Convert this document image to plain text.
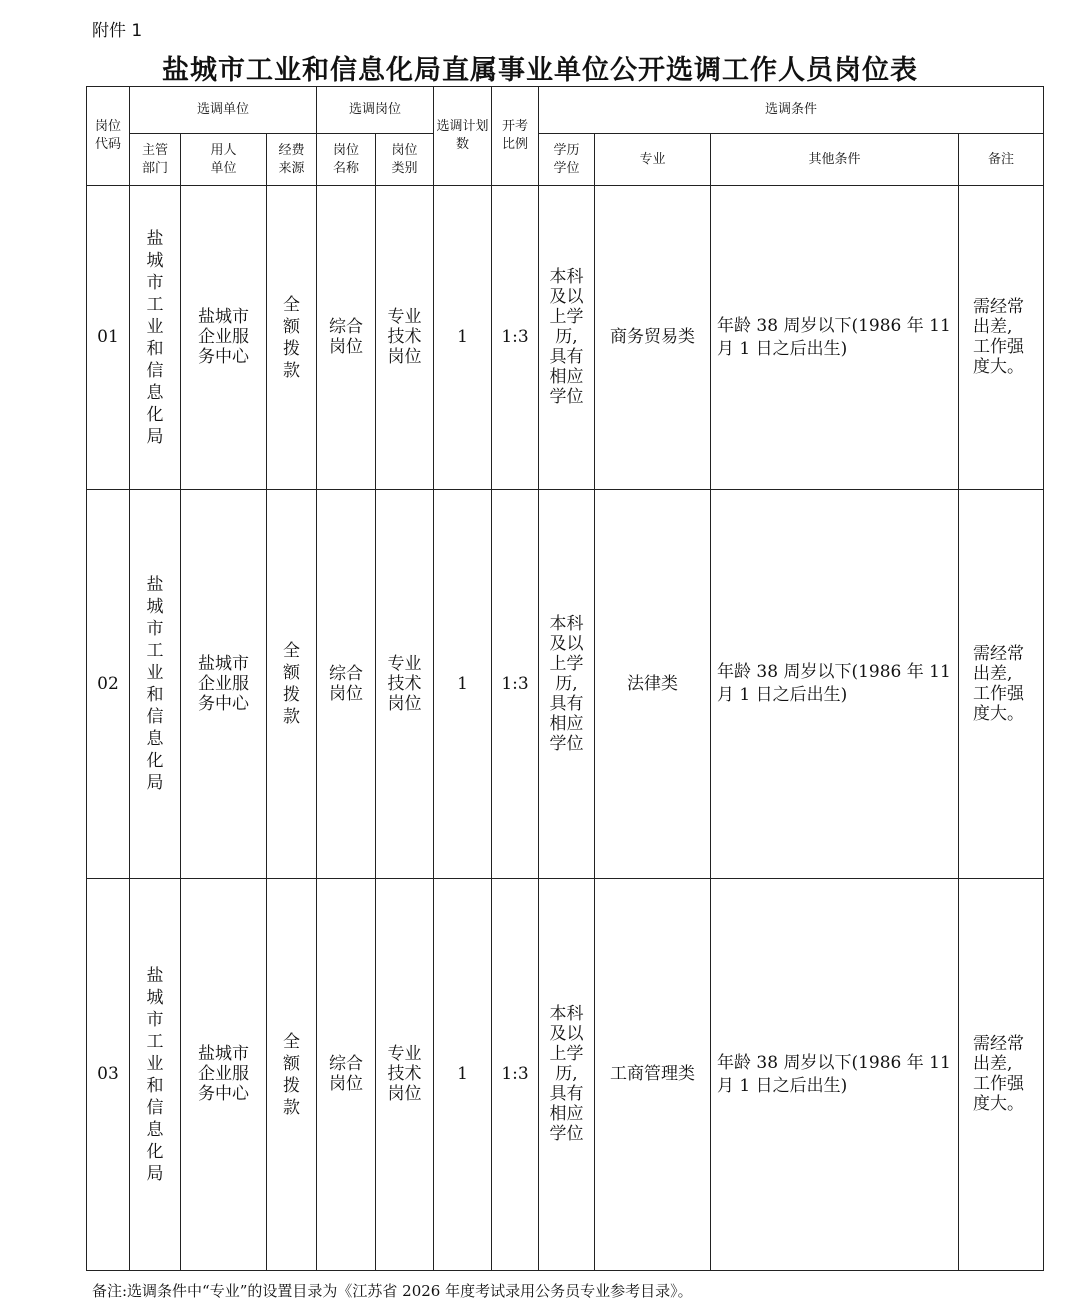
附件 1
盐城市工业和信息化局直属事业单位公开选调工作人员岗位表
岗位代码	选调单位			选调岗位		选调计划数	开考比例	选调条件			
	主管部门	用人单位	经费来源	岗位名称	岗位类别			学历学位	专业	其他条件	备注
01	盐城市工业和信息化局	盐城市企业服务中心	全额拨款	综合岗位	专业技术岗位	1	1:3	本科及以上学历,具有相应学位	商务贸易类	年龄 38 周岁以下(1986 年 11 月 1 日之后出生)	需经常出差,工作强度大。
02	盐城市工业和信息化局	盐城市企业服务中心	全额拨款	综合岗位	专业技术岗位	1	1:3	本科及以上学历,具有相应学位	法律类	年龄 38 周岁以下(1986 年 11 月 1 日之后出生)	需经常出差,工作强度大。
03	盐城市工业和信息化局	盐城市企业服务中心	全额拨款	综合岗位	专业技术岗位	1	1:3	本科及以上学历,具有相应学位	工商管理类	年龄 38 周岁以下(1986 年 11 月 1 日之后出生)	需经常出差,工作强度大。
备注:选调条件中“专业”的设置目录为《江苏省 2026 年度考试录用公务员专业参考目录》。
